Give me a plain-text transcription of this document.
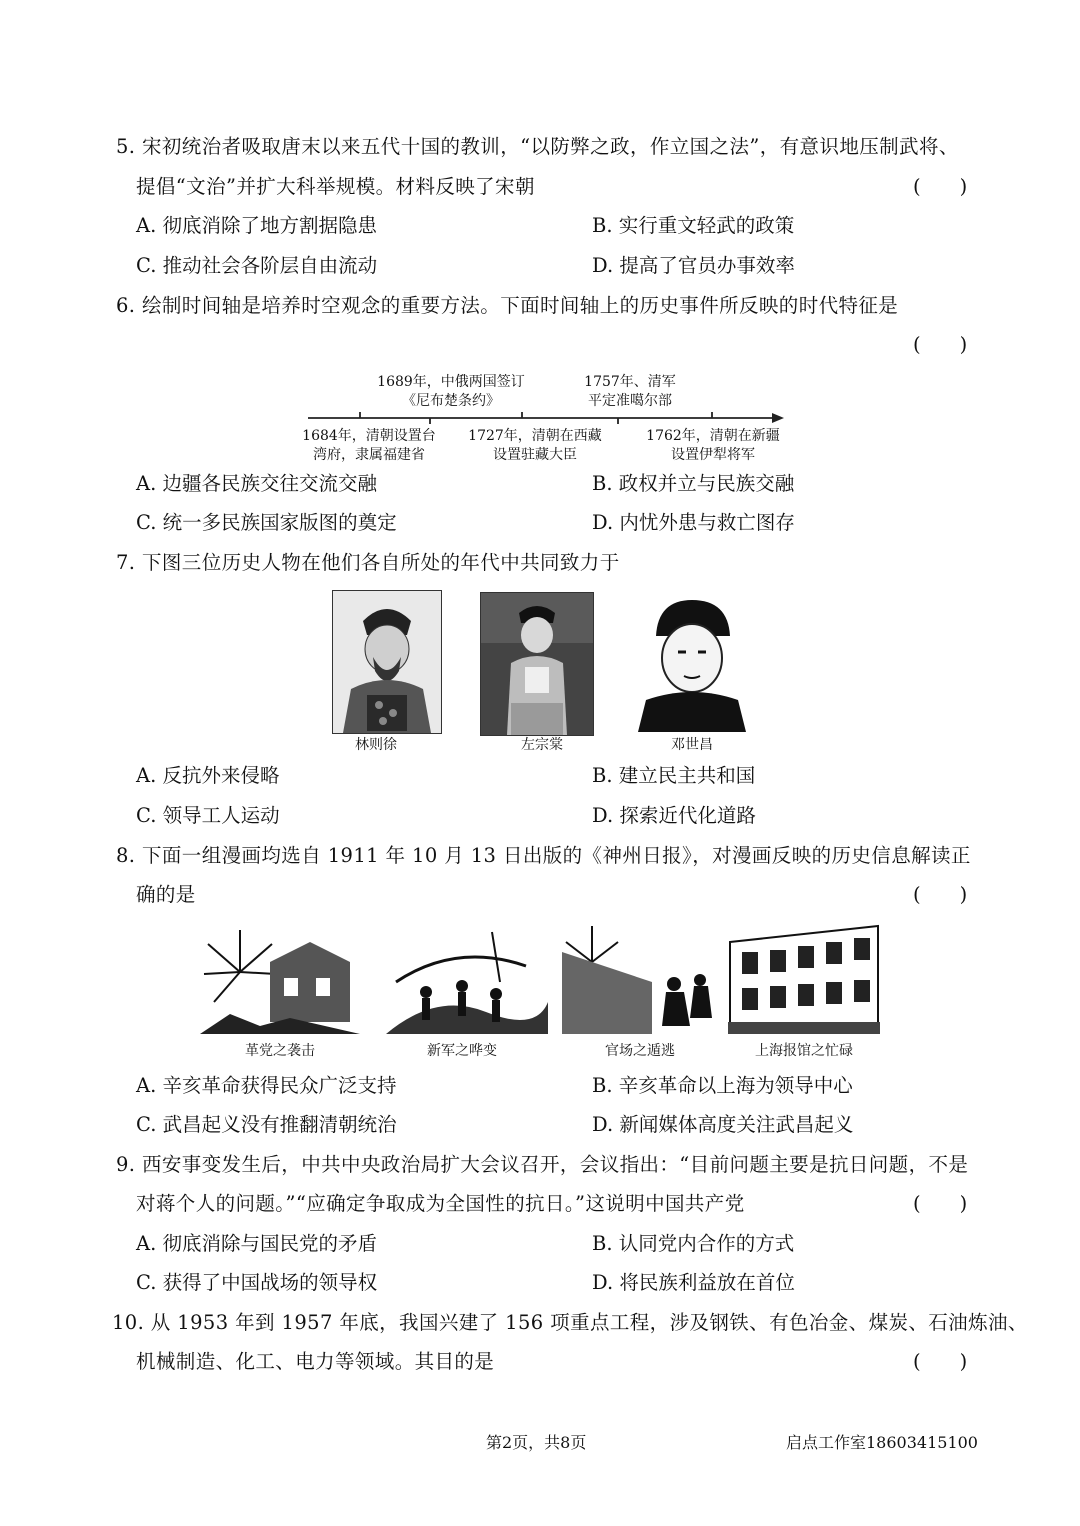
5. 宋初统治者吸取唐末以来五代十国的教训，“以防弊之政，作立国之法”，有意识地压制武将、
提倡“文治”并扩大科举规模。材料反映了宋朝	(　　)
A. 彻底消除了地方割据隐患	B. 实行重文轻武的政策
C. 推动社会各阶层自由流动	D. 提高了官员办事效率
6. 绘制时间轴是培养时空观念的重要方法。下面时间轴上的历史事件所反映的时代特征是
(　　)
1689年，中俄两国签订
《尼布楚条约》
1757年、清军
平定准噶尔部
1684年，清朝设置台
湾府，隶属福建省
1727年，清朝在西藏
设置驻藏大臣
1762年，清朝在新疆
设置伊犁将军
A. 边疆各民族交往交流交融	B. 政权并立与民族交融
C. 统一多民族国家版图的奠定	D. 内忧外患与救亡图存
7. 下图三位历史人物在他们各自所处的年代中共同致力于
林则徐	左宗棠	邓世昌
A. 反抗外来侵略	B. 建立民主共和国
C. 领导工人运动	D. 探索近代化道路
8. 下面一组漫画均选自 1911 年 10 月 13 日出版的《神州日报》，对漫画反映的历史信息解读正
确的是	(　　)
革党之袭击	新军之哗变	官场之遁逃	上海报馆之忙碌
A. 辛亥革命获得民众广泛支持	B. 辛亥革命以上海为领导中心
C. 武昌起义没有推翻清朝统治	D. 新闻媒体高度关注武昌起义
9. 西安事变发生后，中共中央政治局扩大会议召开，会议指出：“目前问题主要是抗日问题，不是
对蒋个人的问题。”“应确定争取成为全国性的抗日。”这说明中国共产党	(　　)
A. 彻底消除与国民党的矛盾	B. 认同党内合作的方式
C. 获得了中国战场的领导权	D. 将民族利益放在首位
10. 从 1953 年到 1957 年底，我国兴建了 156 项重点工程，涉及钢铁、有色冶金、煤炭、石油炼油、
机械制造、化工、电力等领域。其目的是	(　　)
第2页，共8页	启点工作室18603415100
